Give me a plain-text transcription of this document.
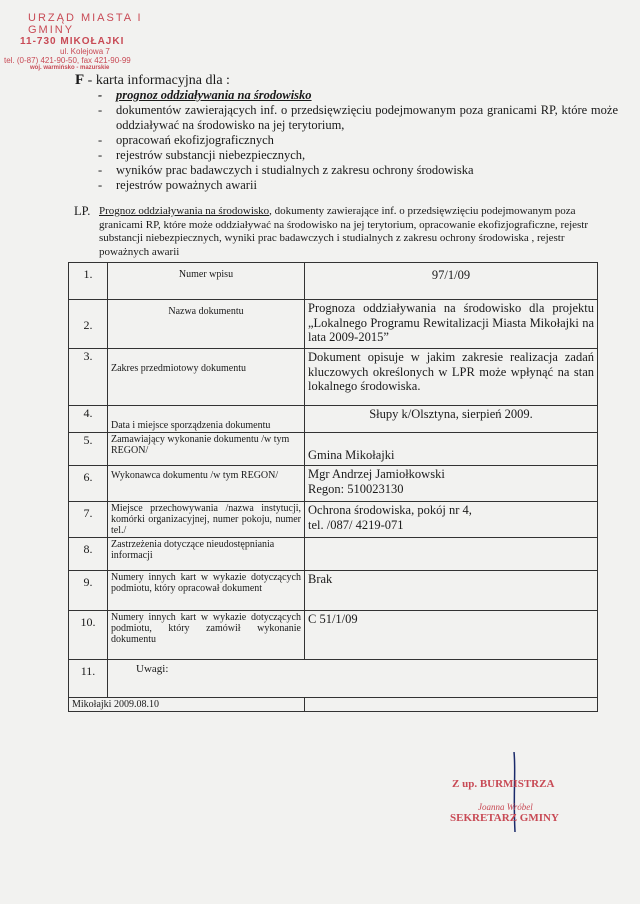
URZĄD MIASTA I GMINY
11-730 MIKOŁAJKI
ul. Kolejowa 7
tel. (0-87) 421-90-50, fax 421-90-99
woj. warmińsko - mazurskie
F - karta informacyjna dla :
- prognoz oddziaływania na środowisko
- dokumentów zawierających inf. o przedsięwzięciu podejmowanym poza granicami RP, które może oddziaływać na środowisko na jej terytorium,
- opracowań ekofizjograficznych
- rejestrów substancji niebezpiecznych,
- wyników prac badawczych i studialnych z zakresu ochrony środowiska
- rejestrów poważnych awarii
LP. Prognoz oddziaływania na środowisko, dokumenty zawierające inf. o przedsięwzięciu podejmowanym poza granicami RP, które może oddziaływać na środowisko na jej terytorium, opracowanie ekofizjograficzne, rejestr substancji niebezpiecznych, wyniki prac badawczych i studialnych z zakresu ochrony środowiska , rejestr poważnych awarii
1.	Numer wpisu	97/1/09
2.	Nazwa dokumentu	Prognoza oddziaływania na środowisko dla projektu „Lokalnego Programu Rewitalizacji Miasta Mikołajki na lata 2009-2015”
3.	Zakres przedmiotowy dokumentu	Dokument opisuje w jakim zakresie realizacja zadań kluczowych określonych w LPR może wpłynąć na stan lokalnego środowiska.
4.	Data i miejsce sporządzenia dokumentu	Słupy k/Olsztyna, sierpień 2009.
5.	Zamawiający wykonanie dokumentu /w tym REGON/	Gmina Mikołajki
6.	Wykonawca dokumentu /w tym REGON/	Mgr Andrzej Jamiołkowski
Regon: 510023130
7.	Miejsce przechowywania /nazwa instytucji, komórki organizacyjnej, numer pokoju, numer tel./	Ochrona środowiska, pokój nr 4,
tel. /087/ 4219-071
8.	Zastrzeżenia dotyczące nieudostępniania informacji	
9.	Numery innych kart w wykazie dotyczących podmiotu, który opracował dokument	Brak
10.	Numery innych kart w wykazie dotyczących podmiotu, który zamówił wykonanie dokumentu	C 51/1/09
11.	Uwagi:	
Mikołajki 2009.08.10		
Z up. BURMISTRZA
Joanna Wróbel
SEKRETARZ GMINY
